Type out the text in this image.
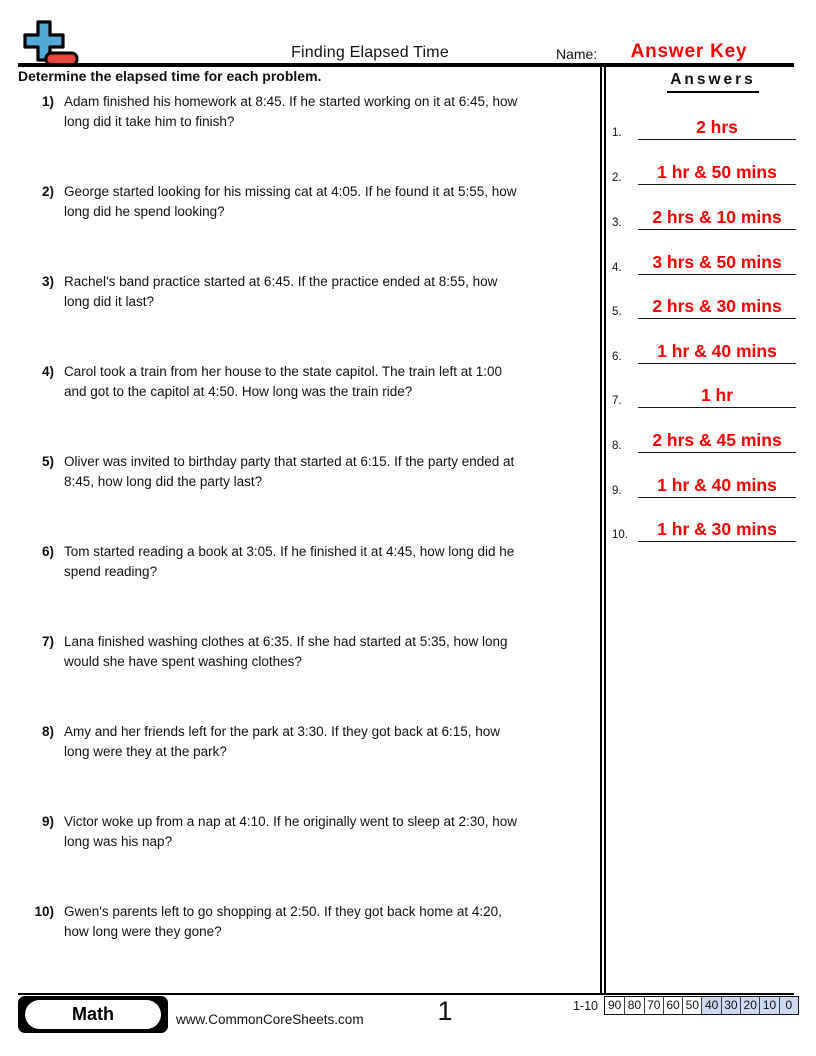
Finding Elapsed Time	Name:	Answer Key
Determine the elapsed time for each problem.
1) Adam finished his homework at 8:45. If he started working on it at 6:45, how
long did it take him to finish?
2) George started looking for his missing cat at 4:05. If he found it at 5:55, how
long did he spend looking?
3) Rachel's band practice started at 6:45. If the practice ended at 8:55, how
long did it last?
4) Carol took a train from her house to the state capitol. The train left at 1:00
and got to the capitol at 4:50. How long was the train ride?
5) Oliver was invited to birthday party that started at 6:15. If the party ended at
8:45, how long did the party last?
6) Tom started reading a book at 3:05. If he finished it at 4:45, how long did he
spend reading?
7) Lana finished washing clothes at 6:35. If she had started at 5:35, how long
would she have spent washing clothes?
8) Amy and her friends left for the park at 3:30. If they got back at 6:15, how
long were they at the park?
9) Victor woke up from a nap at 4:10. If he originally went to sleep at 2:30, how
long was his nap?
10) Gwen's parents left to go shopping at 2:50. If they got back home at 4:20,
how long were they gone?
Answers
1.	2 hrs
2.	1 hr & 50 mins
3.	2 hrs & 10 mins
4.	3 hrs & 50 mins
5.	2 hrs & 30 mins
6.	1 hr & 40 mins
7.	1 hr
8.	2 hrs & 45 mins
9.	1 hr & 40 mins
10.	1 hr & 30 mins
Math	www.CommonCoreSheets.com	1	1-10 90 80 70 60 50 40 30 20 10 0
